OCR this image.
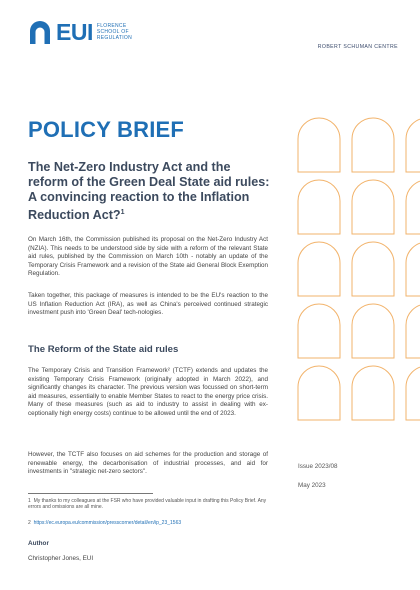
EUI FLORENCE
SCHOOL OF
REGULATION
ROBERT SCHUMAN CENTRE
POLICY BRIEF
The Net-Zero Industry Act and the reform of the Green Deal State aid rules: A convincing reaction to the Inflation Reduction Act?$^1$

On March 16th, the Commission published its proposal on the Net-Zero Industry Act (NZIA). This needs to be understood side by side with a reform of the relevant State aid rules, published by the Commission on March 10th - notably an update of the Temporary Crisis Framework and a revision of the State aid General Block Exemption Regulation.

Taken together, this package of measures is intended to be the EU's reaction to the US Inflation Reduction Act (IRA), as well as China's perceived continued strategic investment push into 'Green Deal' tech-nologies.

The Reform of the State aid rules

The Temporary Crisis and Transition Framework² (TCTF) extends and updates the existing Temporary Crisis Framework (originally adopted in March 2022), and significantly changes its character. The previous version was focussed on short-term aid measures, essentially to enable Member States to react to the energy price crisis. Many of these measures (such as aid to industry to assist in dealing with ex-ceptionally high energy costs) continue to be allowed until the end of 2023.

However, the TCTF also focuses on aid schemes for the production and storage of renewable energy, the decarbonisation of industrial processes, and aid for investments in "strategic net-zero sectors".

1 My thanks to my colleagues at the FSR who have provided valuable input in drafting this Policy Brief. Any errors and omissions are all mine.

2 https://ec.europa.eu/commission/presscorner/detail/en/ip_23_1563

Author

Christopher Jones, EUI

Issue 2023/08

May 2023
